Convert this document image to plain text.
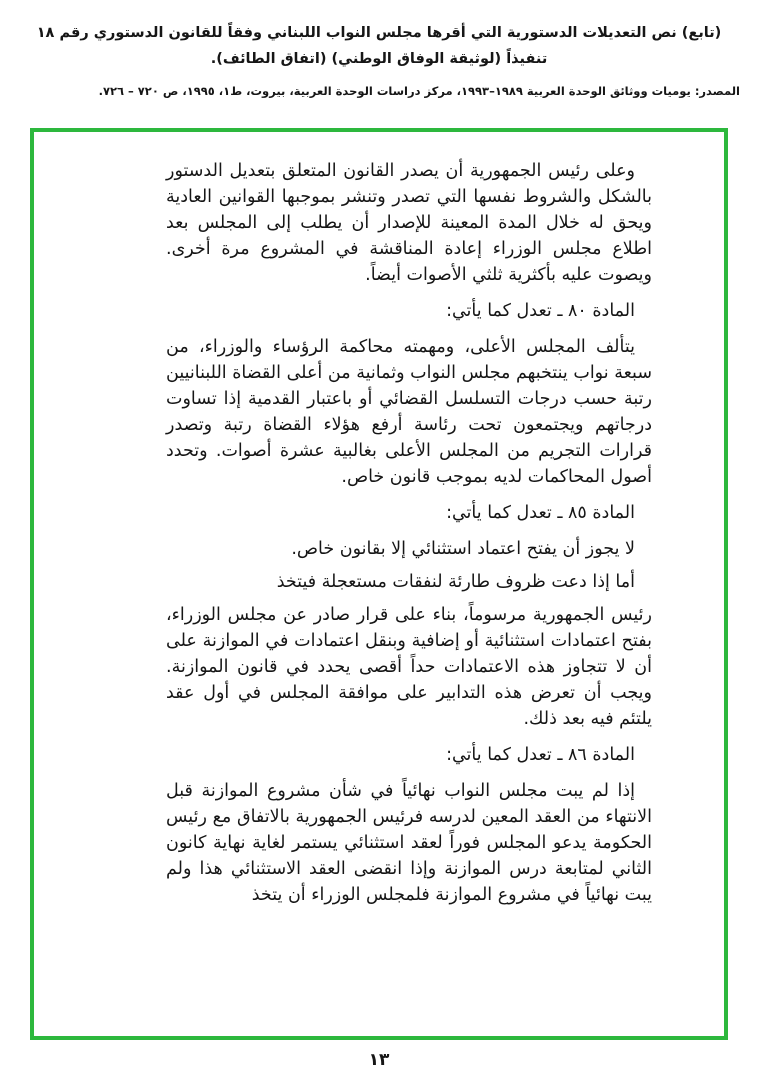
(تابع) نص التعديلات الدستورية التي أقرها مجلس النواب اللبناني وفقاً للقانون الدستوري رقم ١٨ تنفيذاً (لوثيقة الوفاق الوطني) (اتفاق الطائف).
المصدر: يوميات ووثائق الوحدة العربية ١٩٨٩–١٩٩٣، مركز دراسات الوحدة العربية، بيروت، ط١، ١٩٩٥، ص ٧٢٠ – ٧٢٦.

وعلى رئيس الجمهورية أن يصدر القانون المتعلق بتعديل الدستور بالشكل والشروط نفسها التي تصدر وتنشر بموجبها القوانين العادية ويحق له خلال المدة المعينة للإصدار أن يطلب إلى المجلس بعد اطلاع مجلس الوزراء إعادة المناقشة في المشروع مرة أخرى. ويصوت عليه بأكثرية ثلثي الأصوات أيضاً.

المادة ٨٠ ـ تعدل كما يأتي:

يتألف المجلس الأعلى، ومهمته محاكمة الرؤساء والوزراء، من سبعة نواب ينتخبهم مجلس النواب وثمانية من أعلى القضاة اللبنانيين رتبة حسب درجات التسلسل القضائي أو باعتبار القدمية إذا تساوت درجاتهم ويجتمعون تحت رئاسة أرفع هؤلاء القضاة رتبة وتصدر قرارات التجريم من المجلس الأعلى بغالبية عشرة أصوات. وتحدد أصول المحاكمات لديه بموجب قانون خاص.

المادة ٨٥ ـ تعدل كما يأتي:

لا يجوز أن يفتح اعتماد استثنائي إلا بقانون خاص.

أما إذا دعت ظروف طارئة لنفقات مستعجلة فيتخذ

رئيس الجمهورية مرسوماً، بناء على قرار صادر عن مجلس الوزراء، بفتح اعتمادات استثنائية أو إضافية وبنقل اعتمادات في الموازنة على أن لا تتجاوز هذه الاعتمادات حداً أقصى يحدد في قانون الموازنة. ويجب أن تعرض هذه التدابير على موافقة المجلس في أول عقد يلتئم فيه بعد ذلك.

المادة ٨٦ ـ تعدل كما يأتي:

إذا لم يبت مجلس النواب نهائياً في شأن مشروع الموازنة قبل الانتهاء من العقد المعين لدرسه فرئيس الجمهورية بالاتفاق مع رئيس الحكومة يدعو المجلس فوراً لعقد استثنائي يستمر لغاية نهاية كانون الثاني لمتابعة درس الموازنة وإذا انقضى العقد الاستثنائي هذا ولم يبت نهائياً في مشروع الموازنة فلمجلس الوزراء أن يتخذ

١٣
